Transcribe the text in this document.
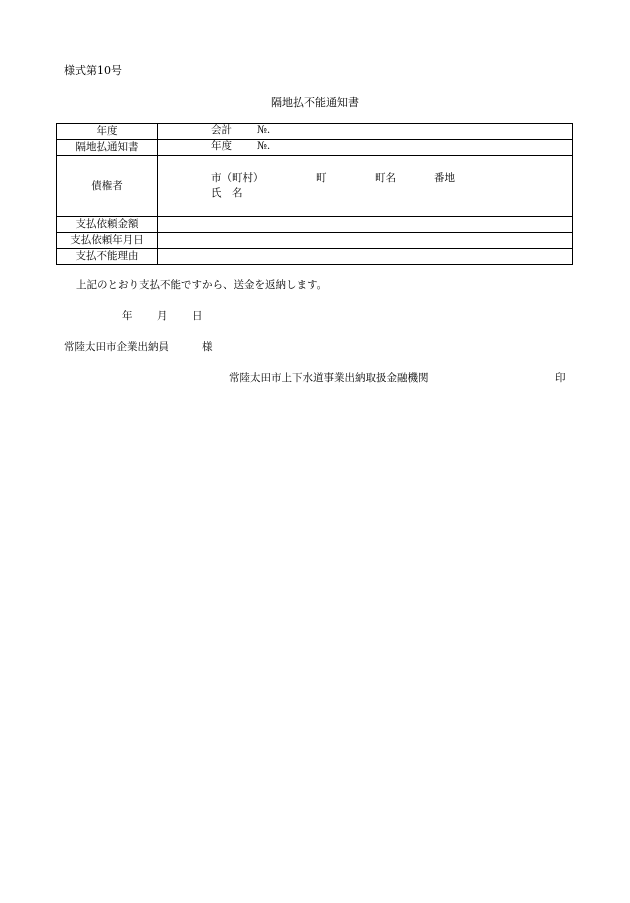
様式第10号
隔地払不能通知書
年度	会計 №.

隔地払通知書	年度 №.

債権者	市（町村） 町 町名 番地
氏　名

支払依頼金額	
支払依頼年月日	
支払不能理由	
上記のとおり支払不能ですから、送金を返納します。
年 月 日
常陸太田市企業出納員	様
常陸太田市上下水道事業出納取扱金融機関	印
